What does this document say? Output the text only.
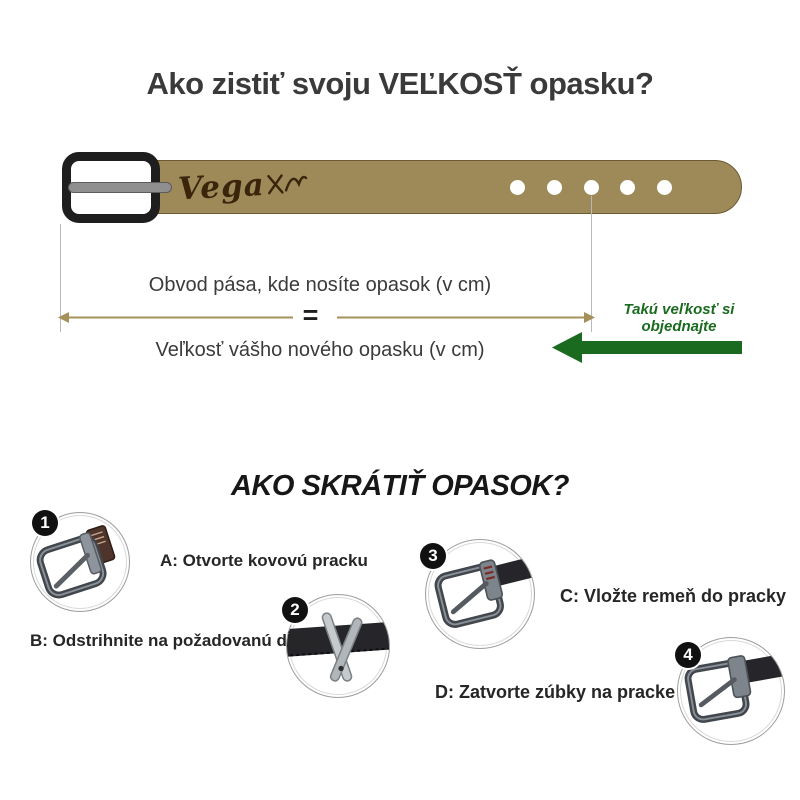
Ako zistiť svoju VEĽKOSŤ opasku?
Vega
Obvod pása, kde nosíte opasok (v cm)
=
Veľkosť vášho nového opasku (v cm)
Takú veľkosť si
objednajte
AKO SKRÁTIŤ OPASOK?
1
A: Otvorte kovovú pracku
2
B: Odstrihnite na požadovanú dĺžku
3
C: Vložte remeň do pracky
4
D: Zatvorte zúbky na pracke
